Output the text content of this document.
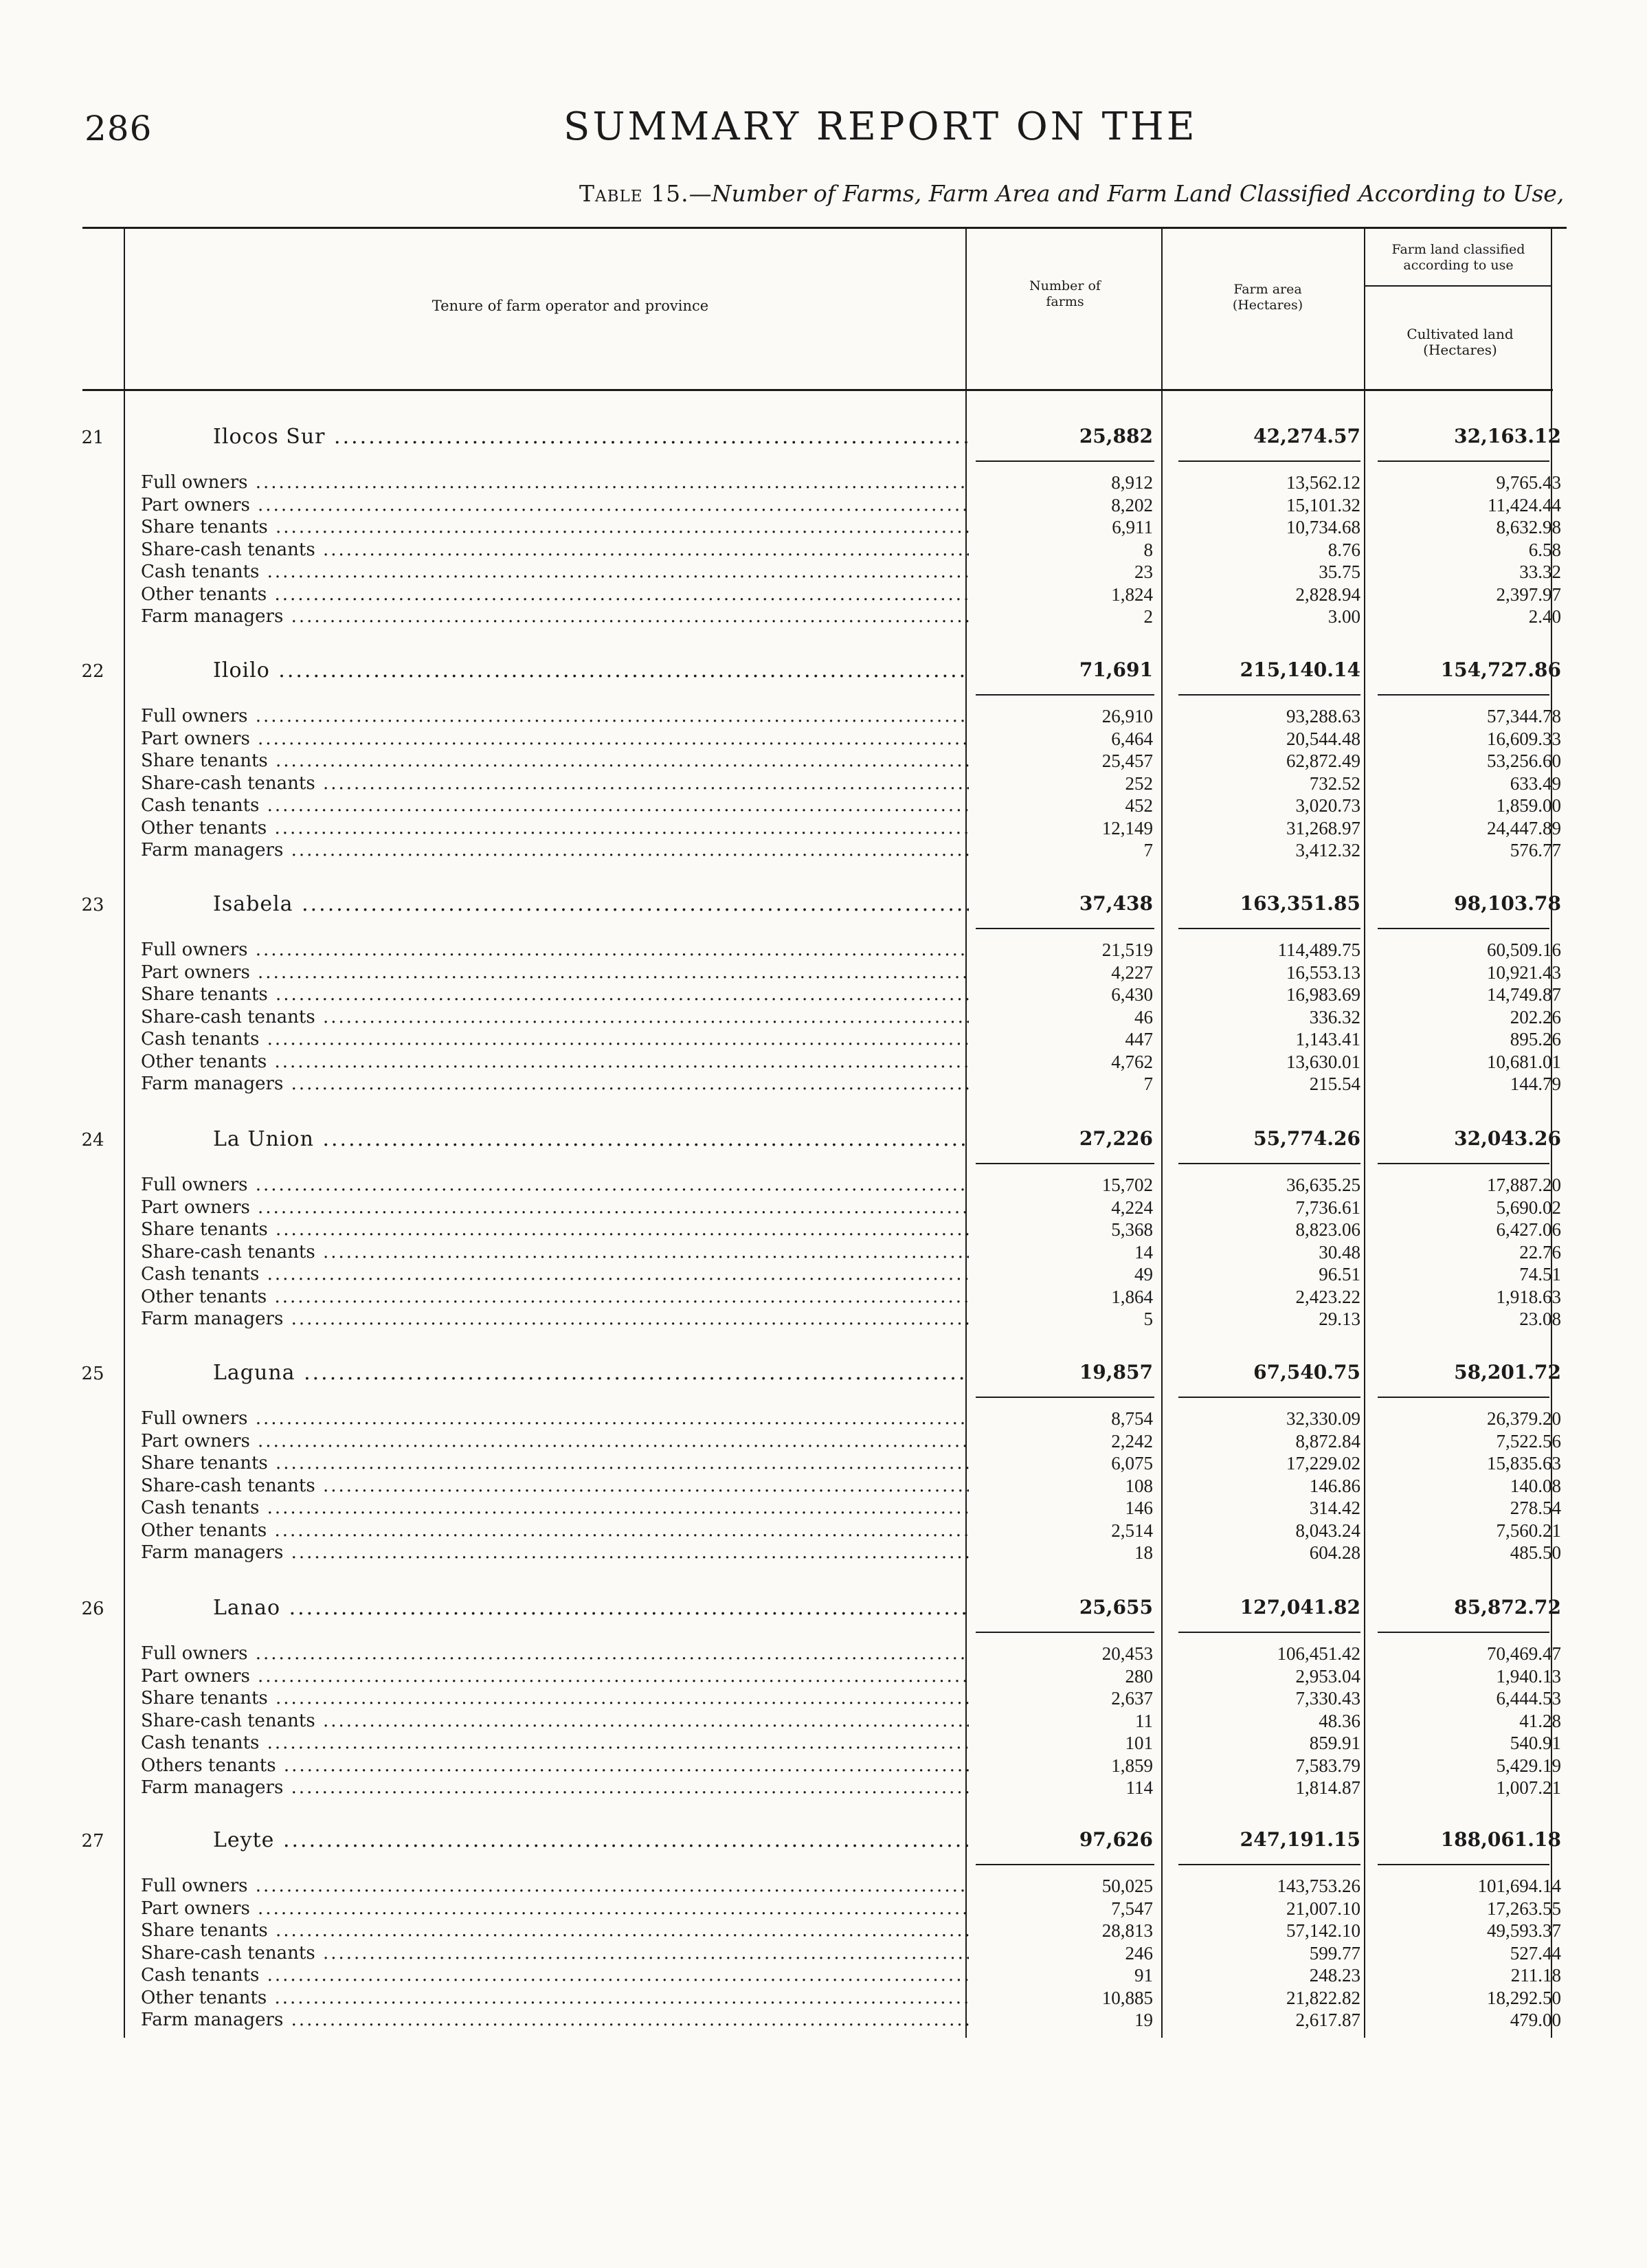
286	SUMMARY REPORT ON THE
Table 15.—Number of Farms, Farm Area and Farm Land Classified According to Use,
Tenure of farm operator and province
Number of farms
Farm area (Hectares)
Farm land classified according to use
Cultivated land (Hectares)
21	Ilocos Sur .....	25,882	42,274.57	32,163.12
Full owners .....	8,912	13,562.12	9,765.43
Part owners .....	8,202	15,101.32	11,424.44
Share tenants .....	6,911	10,734.68	8,632.98
Share-cash tenants .....	8	8.76	6.58
Cash tenants .....	23	35.75	33.32
Other tenants .....	1,824	2,828.94	2,397.97
Farm managers .....	2	3.00	2.40
22	Iloilo .....	71,691	215,140.14	154,727.86
Full owners .....	26,910	93,288.63	57,344.78
Part owners .....	6,464	20,544.48	16,609.33
Share tenants .....	25,457	62,872.49	53,256.60
Share-cash tenants .....	252	732.52	633.49
Cash tenants .....	452	3,020.73	1,859.00
Other tenants .....	12,149	31,268.97	24,447.89
Farm managers .....	7	3,412.32	576.77
23	Isabela .....	37,438	163,351.85	98,103.78
Full owners .....	21,519	114,489.75	60,509.16
Part owners .....	4,227	16,553.13	10,921.43
Share tenants .....	6,430	16,983.69	14,749.87
Share-cash tenants .....	46	336.32	202.26
Cash tenants .....	447	1,143.41	895.26
Other tenants .....	4,762	13,630.01	10,681.01
Farm managers .....	7	215.54	144.79
24	La Union .....	27,226	55,774.26	32,043.26
Full owners .....	15,702	36,635.25	17,887.20
Part owners .....	4,224	7,736.61	5,690.02
Share tenants .....	5,368	8,823.06	6,427.06
Share-cash tenants .....	14	30.48	22.76
Cash tenants .....	49	96.51	74.51
Other tenants .....	1,864	2,423.22	1,918.63
Farm managers .....	5	29.13	23.08
25	Laguna .....	19,857	67,540.75	58,201.72
Full owners .....	8,754	32,330.09	26,379.20
Part owners .....	2,242	8,872.84	7,522.56
Share tenants .....	6,075	17,229.02	15,835.63
Share-cash tenants .....	108	146.86	140.08
Cash tenants .....	146	314.42	278.54
Other tenants .....	2,514	8,043.24	7,560.21
Farm managers .....	18	604.28	485.50
26	Lanao .....	25,655	127,041.82	85,872.72
Full owners .....	20,453	106,451.42	70,469.47
Part owners .....	280	2,953.04	1,940.13
Share tenants .....	2,637	7,330.43	6,444.53
Share-cash tenants .....	11	48.36	41.28
Cash tenants .....	101	859.91	540.91
Others tenants .....	1,859	7,583.79	5,429.19
Farm managers .....	114	1,814.87	1,007.21
27	Leyte .....	97,626	247,191.15	188,061.18
Full owners .....	50,025	143,753.26	101,694.14
Part owners .....	7,547	21,007.10	17,263.55
Share tenants .....	28,813	57,142.10	49,593.37
Share-cash tenants .....	246	599.77	527.44
Cash tenants .....	91	248.23	211.18
Other tenants .....	10,885	21,822.82	18,292.50
Farm managers .....	19	2,617.87	479.00
